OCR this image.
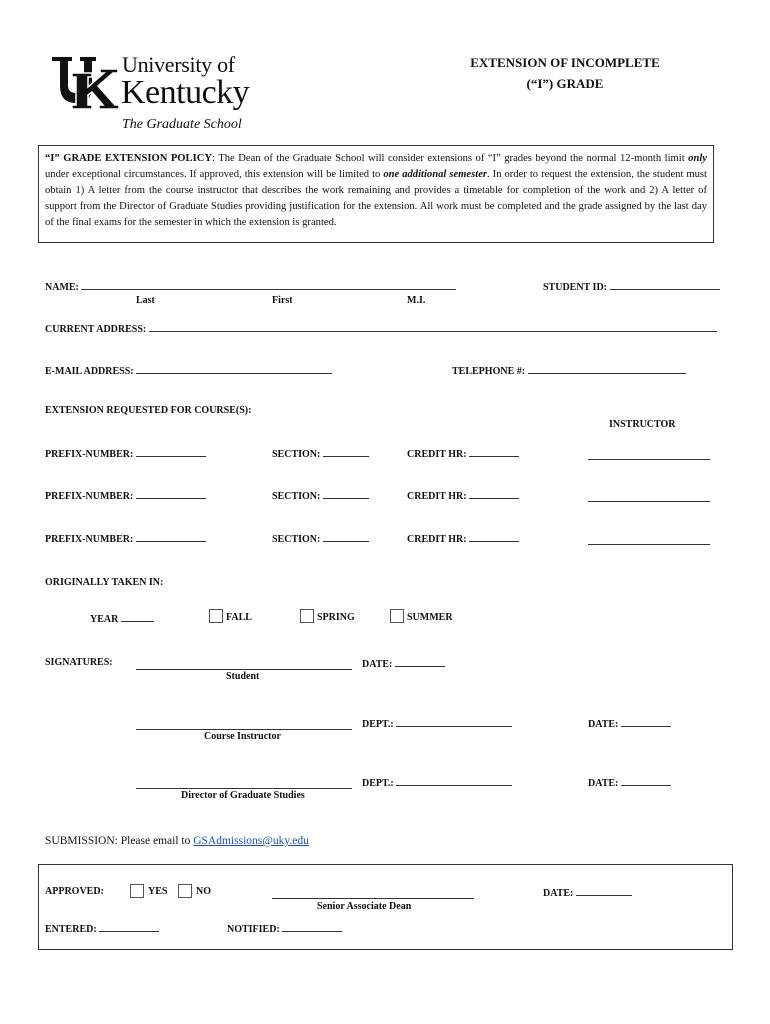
University of
Kentucky
The Graduate School
EXTENSION OF INCOMPLETE
(“I”) GRADE
“I” GRADE EXTENSION POLICY: The Dean of the Graduate School will consider extensions of “I” grades beyond the normal 12-month limit only under exceptional circumstances. If approved, this extension will be limited to one additional semester. In order to request the extension, the student must obtain 1) A letter from the course instructor that describes the work remaining and provides a timetable for completion of the work and 2) A letter of support from the Director of Graduate Studies providing justification for the extension. All work must be completed and the grade assigned by the last day of the final exams for the semester in which the extension is granted.
NAME:
Last	First	M.I.
STUDENT ID:
CURRENT ADDRESS:
E-MAIL ADDRESS:	TELEPHONE #:
EXTENSION REQUESTED FOR COURSE(S):
INSTRUCTOR
PREFIX-NUMBER:	SECTION:	CREDIT HR:
PREFIX-NUMBER:	SECTION:	CREDIT HR:
PREFIX-NUMBER:	SECTION:	CREDIT HR:
ORIGINALLY TAKEN IN:
YEAR	FALL	SPRING	SUMMER
SIGNATURES:	DATE:
Student
DEPT.:	DATE:
Course Instructor
DEPT.:	DATE:
Director of Graduate Studies
SUBMISSION: Please email to GSAdmissions@uky.edu
APPROVED:	YES	NO
Senior Associate Dean
DATE:
ENTERED:	NOTIFIED:
